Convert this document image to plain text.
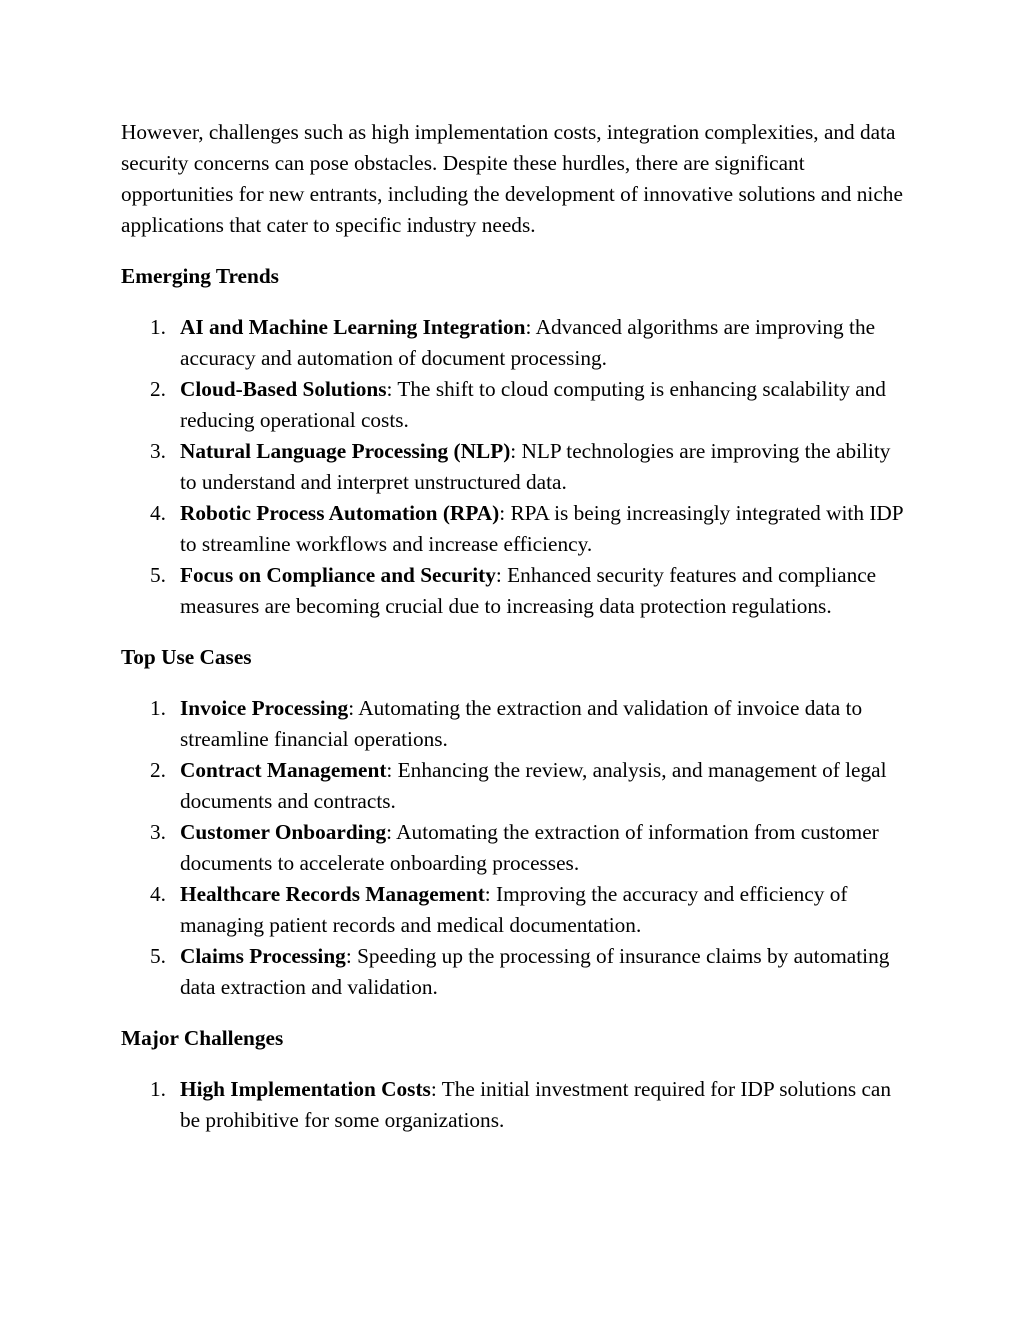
However, challenges such as high implementation costs, integration complexities, and data security concerns can pose obstacles. Despite these hurdles, there are significant opportunities for new entrants, including the development of innovative solutions and niche applications that cater to specific industry needs.

Emerging Trends
1. AI and Machine Learning Integration: Advanced algorithms are improving the accuracy and automation of document processing.
2. Cloud-Based Solutions: The shift to cloud computing is enhancing scalability and reducing operational costs.
3. Natural Language Processing (NLP): NLP technologies are improving the ability to understand and interpret unstructured data.
4. Robotic Process Automation (RPA): RPA is being increasingly integrated with IDP to streamline workflows and increase efficiency.
5. Focus on Compliance and Security: Enhanced security features and compliance measures are becoming crucial due to increasing data protection regulations.
Top Use Cases
1. Invoice Processing: Automating the extraction and validation of invoice data to streamline financial operations.
2. Contract Management: Enhancing the review, analysis, and management of legal documents and contracts.
3. Customer Onboarding: Automating the extraction of information from customer documents to accelerate onboarding processes.
4. Healthcare Records Management: Improving the accuracy and efficiency of managing patient records and medical documentation.
5. Claims Processing: Speeding up the processing of insurance claims by automating data extraction and validation.
Major Challenges
1. High Implementation Costs: The initial investment required for IDP solutions can be prohibitive for some organizations.
